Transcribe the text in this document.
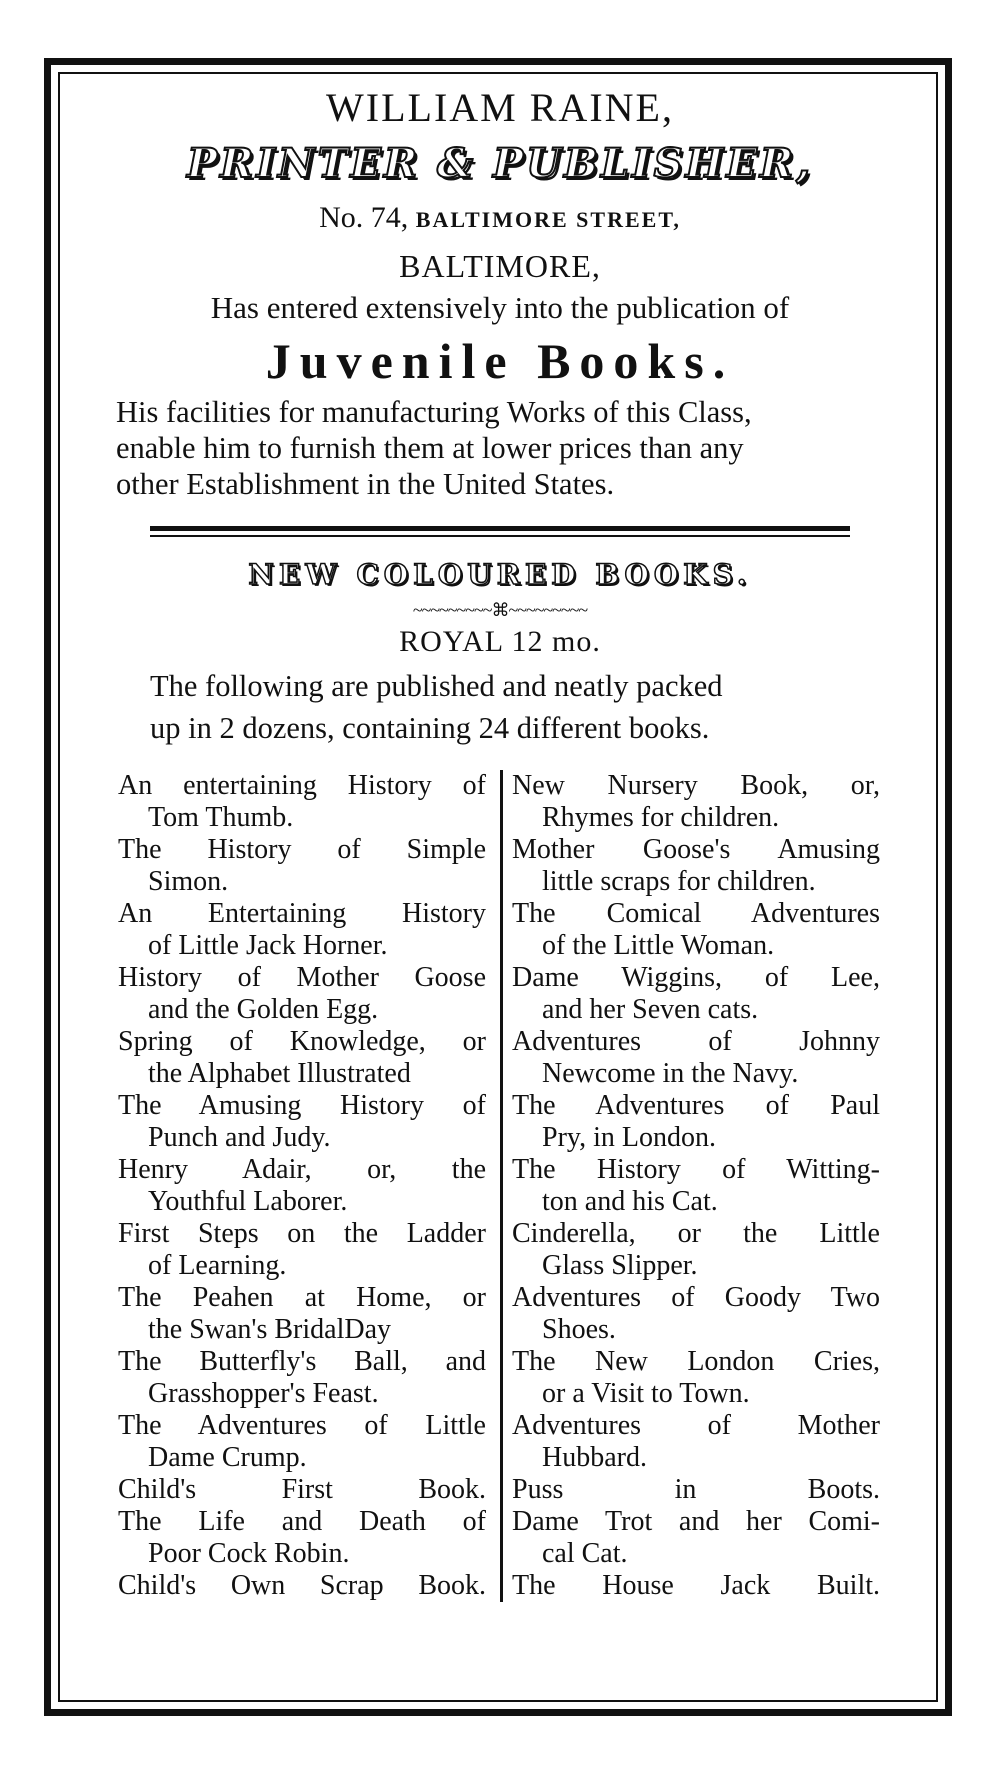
WILLIAM RAINE,
PRINTER & PUBLISHER,
No. 74, BALTIMORE STREET,
BALTIMORE,
Has entered extensively into the publication of
Juvenile Books.
His facilities for manufacturing Works of this Class,
enable him to furnish them at lower prices than any
other Establishment in the United States.
NEW COLOURED BOOKS.
~~~~~~~~~⌘~~~~~~~~~
ROYAL 12 mo.
The following are published and neatly packed
up in 2 dozens, containing 24 different books.
An entertaining History of
Tom Thumb.
The History of Simple
Simon.
An Entertaining History
of Little Jack Horner.
History of Mother Goose
and the Golden Egg.
Spring of Knowledge, or
the Alphabet Illustrated
The Amusing History of
Punch and Judy.
Henry Adair, or, the
Youthful Laborer.
First Steps on the Ladder
of Learning.
The Peahen at Home, or
the Swan's BridalDay
The Butterfly's Ball, and
Grasshopper's Feast.
The Adventures of Little
Dame Crump.
Child's First Book.
The Life and Death of
Poor Cock Robin.
Child's Own Scrap Book.
New Nursery Book, or,
Rhymes for children.
Mother Goose's Amusing
little scraps for children.
The Comical Adventures
of the Little Woman.
Dame Wiggins, of Lee,
and her Seven cats.
Adventures of Johnny
Newcome in the Navy.
The Adventures of Paul
Pry, in London.
The History of Witting-
ton and his Cat.
Cinderella, or the Little
Glass Slipper.
Adventures of Goody Two
Shoes.
The New London Cries,
or a Visit to Town.
Adventures of Mother
Hubbard.
Puss in Boots.
Dame Trot and her Comi-
cal Cat.
The House Jack Built.
